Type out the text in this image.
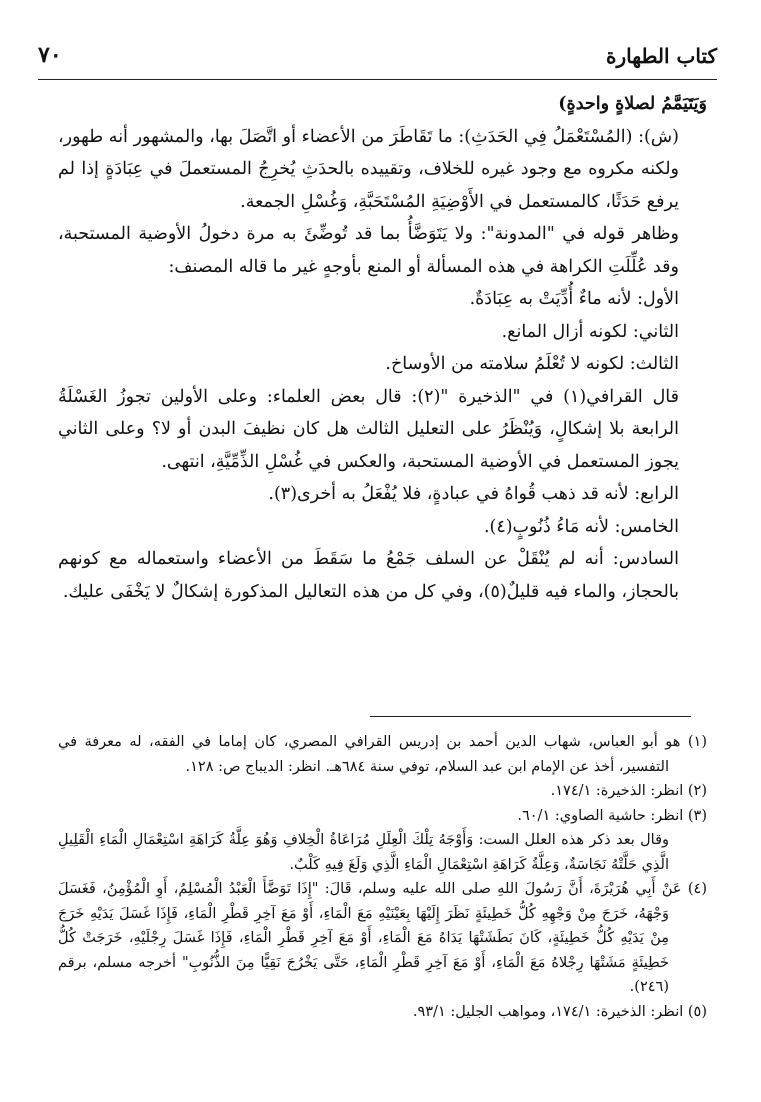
كتاب الطهارة
٧٠

وَيَتَيَمَّمُ لصلاةٍ واحدةٍ)

(ش): (المُسْتَعْمَلُ فِي الحَدَثِ): ما تَقَاطَرَ من الأعضاء أو اتَّصَلَ بها، والمشهور أنه طهور، ولكنه مكروه مع وجود غيره للخلاف، وتقييده بالحدَثِ يُخرِجُ المستعملَ في عِبَادَةٍ إذا لم يرفع حَدَثًا، كالمستعمل في الأَوْضِيَةِ المُسْتَحَبَّةِ، وَغُسْلِ الجمعة.

وظاهر قوله في "المدونة": ولا يَتَوَضَّأُ بما قد تُوضِّئَ به مرة دخولُ الأوضية المستحبة، وقد عُلِّلَتِ الكراهة في هذه المسألة أو المنع بأوجهٍ غير ما قاله المصنف:

الأول: لأنه ماءٌ أُدِّيَتْ به عِبَادَةٌ.

الثاني: لكونه أزال المانع.

الثالث: لكونه لا تُعْلَمُ سلامته من الأوساخ.

قال القرافي(١) في "الذخيرة "(٢): قال بعض العلماء: وعلى الأولين تجوزُ الغَسْلَةُ الرابعة بلا إشكالٍ، وَيُنْظَرُ على التعليل الثالث هل كان نظيفَ البدن أو لا؟ وعلى الثاني يجوز المستعمل في الأوضية المستحبة، والعكس في غُسْلِ الذِّمِّيَّةِ، انتهى.

الرابع: لأنه قد ذهب قُواهُ في عبادةٍ، فلا يُفْعَلُ به أخرى(٣).

الخامس: لأنه مَاءُ ذُنُوبٍ(٤).

السادس: أنه لم يُنْقَلْ عن السلف جَمْعُ ما سَقَطَ من الأعضاء واستعماله مع كونهم بالحجاز، والماء فيه قليلٌ(٥)، وفي كل من هذه التعاليل المذكورة إشكالٌ لا يَخْفَى عليك.

(١) هو أبو العباس، شهاب الدين أحمد بن إدريس القرافي المصري، كان إماما في الفقه، له معرفة في التفسير، أخذ عن الإمام ابن عبد السلام، توفي سنة ٦٨٤هـ. انظر: الديباج ص: ١٢٨.

(٢) انظر: الذخيرة: ١٧٤/١.

(٣) انظر: حاشية الصاوي: ٦٠/١.

وقال بعد ذكر هذه العلل الست: وَأَوْجَهُ تِلْكَ الْعِلَلِ مُرَاعَاةُ الْخِلافِ وَهُوَ عِلَّةُ كَرَاهَةِ اسْتِعْمَالِ الْمَاءِ الْقَلِيلِ الَّذِي حَلَّتْهُ نَجَاسَةٌ، وَعِلَّةُ كَرَاهَةِ اسْتِعْمَالِ الْمَاءِ الَّذِي وَلَغَ فِيهِ كَلْبٌ.

(٤) عَنْ أَبِي هُرَيْرَةَ، أَنَّ رَسُولَ اللهِ صلى الله عليه وسلم، قَالَ: "إِذَا تَوَضَّأَ الْعَبْدُ الْمُسْلِمُ، أَوِ الْمُؤْمِنُ، فَغَسَلَ وَجْهَهُ، خَرَجَ مِنْ وَجْهِهِ كُلُّ خَطِيئَةٍ نَظَرَ إِلَيْهَا بِعَيْنَيْهِ مَعَ الْمَاءِ، أَوْ مَعَ آخِرِ قَطْرِ الْمَاءِ، فَإِذَا غَسَلَ يَدَيْهِ خَرَجَ مِنْ يَدَيْهِ كُلُّ خَطِيئَةٍ، كَانَ بَطَشَتْهَا يَدَاهُ مَعَ الْمَاءِ، أَوْ مَعَ آخِرِ قَطْرِ الْمَاءِ، فَإِذَا غَسَلَ رِجْلَيْهِ، خَرَجَتْ كُلُّ خَطِيئَةٍ مَشَتْهَا رِجْلاهُ مَعَ الْمَاءِ، أَوْ مَعَ آخِرِ قَطْرِ الْمَاءِ، حَتَّى يَخْرُجَ نَقِيًّا مِنَ الذُّنُوبِ" أخرجه مسلم، برقم (٢٤٦).

(٥) انظر: الذخيرة: ١٧٤/١، ومواهب الجليل: ٩٣/١.
